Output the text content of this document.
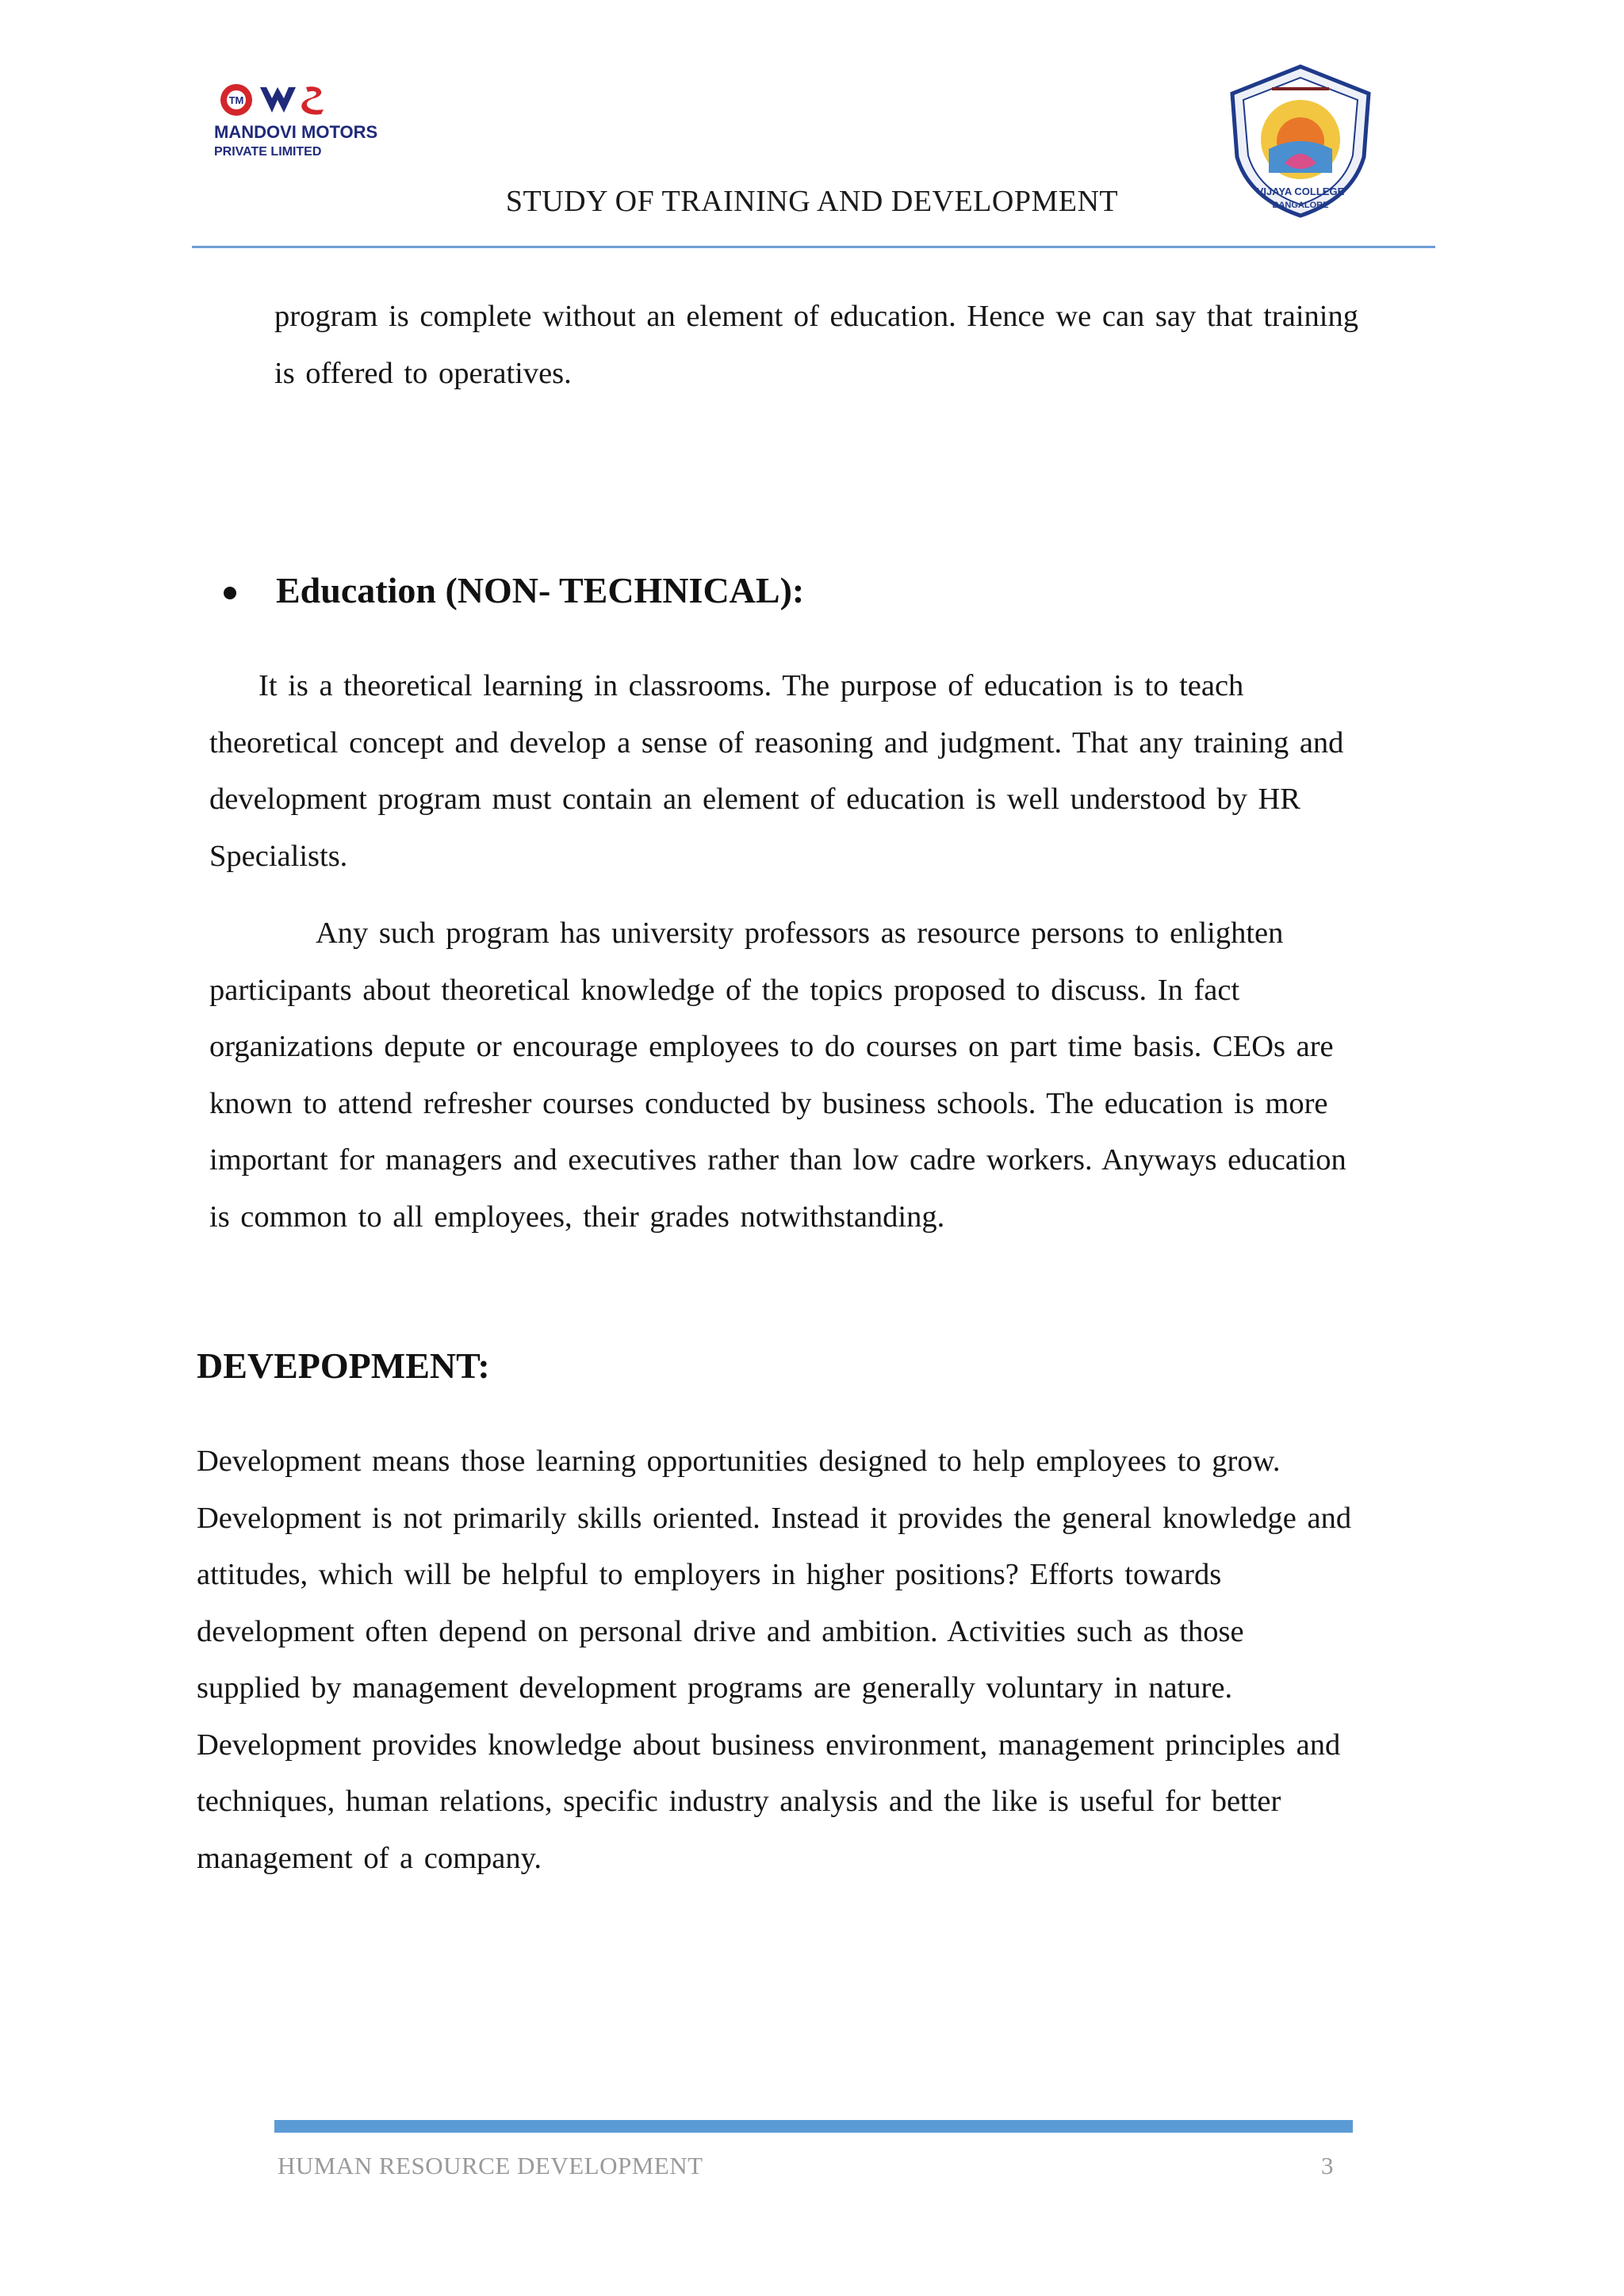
TM
MANDOVI MOTORS
PRIVATE LIMITED
VIJAYA COLLEGE
BANGALORE
STUDY OF TRAINING AND DEVELOPMENT

program is complete without an element of education. Hence we can say that training is offered to operatives.

Education (NON- TECHNICAL):

It is a theoretical learning in classrooms. The purpose of education is to teach theoretical concept and develop a sense of reasoning and judgment. That any training and development program must contain an element of education is well understood by HR Specialists.

Any such program has university professors as resource persons to enlighten participants about theoretical knowledge of the topics proposed to discuss. In fact organizations depute or encourage employees to do courses on part time basis. CEOs are known to attend refresher courses conducted by business schools. The education is more important for managers and executives rather than low cadre workers. Anyways education is common to all employees, their grades notwithstanding.

DEVEPOPMENT:

Development means those learning opportunities designed to help employees to grow. Development is not primarily skills oriented. Instead it provides the general knowledge and attitudes, which will be helpful to employers in higher positions? Efforts towards development often depend on personal drive and ambition. Activities such as those supplied by management development programs are generally voluntary in nature. Development provides knowledge about business environment, management principles and techniques, human relations, specific industry analysis and the like is useful for better management of a company.

HUMAN RESOURCE DEVELOPMENT	3
